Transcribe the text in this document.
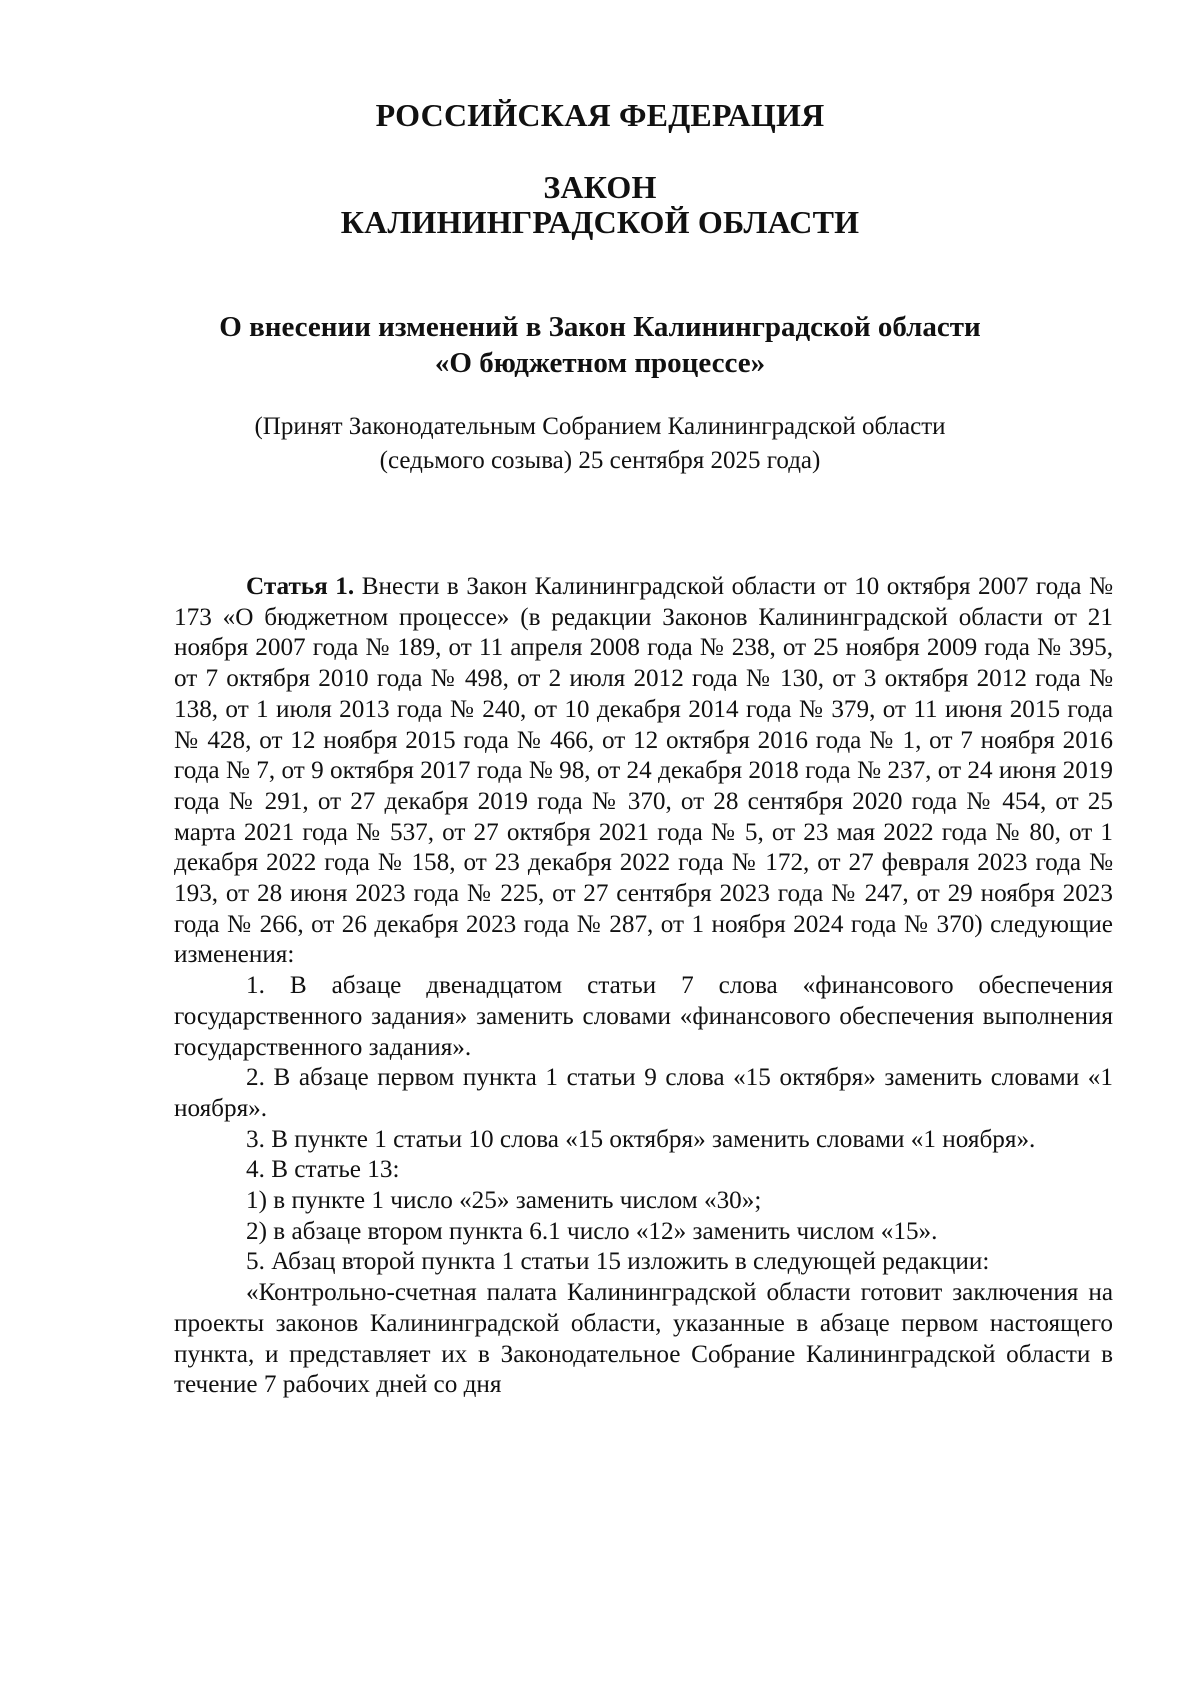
РОССИЙСКАЯ ФЕДЕРАЦИЯ
ЗАКОН
КАЛИНИНГРАДСКОЙ ОБЛАСТИ
О внесении изменений в Закон Калининградской области
«О бюджетном процессе»
(Принят Законодательным Собранием Калининградской области
(седьмого созыва) 25 сентября 2025 года)

Статья 1. Внести в Закон Калининградской области от 10 октября 2007 года № 173 «О бюджетном процессе» (в редакции Законов Калининградской области от 21 ноября 2007 года № 189, от 11 апреля 2008 года № 238, от 25 ноября 2009 года № 395, от 7 октября 2010 года № 498, от 2 июля 2012 года № 130, от 3 октября 2012 года № 138, от 1 июля 2013 года № 240, от 10 декабря 2014 года № 379, от 11 июня 2015 года № 428, от 12 ноября 2015 года № 466, от 12 октября 2016 года № 1, от 7 ноября 2016 года № 7, от 9 октября 2017 года № 98, от 24 декабря 2018 года № 237, от 24 июня 2019 года № 291, от 27 декабря 2019 года № 370, от 28 сентября 2020 года № 454, от 25 марта 2021 года № 537, от 27 октября 2021 года № 5, от 23 мая 2022 года № 80, от 1 декабря 2022 года № 158, от 23 декабря 2022 года № 172, от 27 февраля 2023 года № 193, от 28 июня 2023 года № 225, от 27 сентября 2023 года № 247, от 29 ноября 2023 года № 266, от 26 декабря 2023 года № 287, от 1 ноября 2024 года № 370) следующие изменения:

1. В абзаце двенадцатом статьи 7 слова «финансового обеспечения государственного задания» заменить словами «финансового обеспечения выполнения государственного задания».

2. В абзаце первом пункта 1 статьи 9 слова «15 октября» заменить словами «1 ноября».

3. В пункте 1 статьи 10 слова «15 октября» заменить словами «1 ноября».

4. В статье 13:

1) в пункте 1 число «25» заменить числом «30»;

2) в абзаце втором пункта 6.1 число «12» заменить числом «15».

5. Абзац второй пункта 1 статьи 15 изложить в следующей редакции:

«Контрольно-счетная палата Калининградской области готовит заключения на проекты законов Калининградской области, указанные в абзаце первом настоящего пункта, и представляет их в Законодательное Собрание Калининградской области в течение 7 рабочих дней со дня
